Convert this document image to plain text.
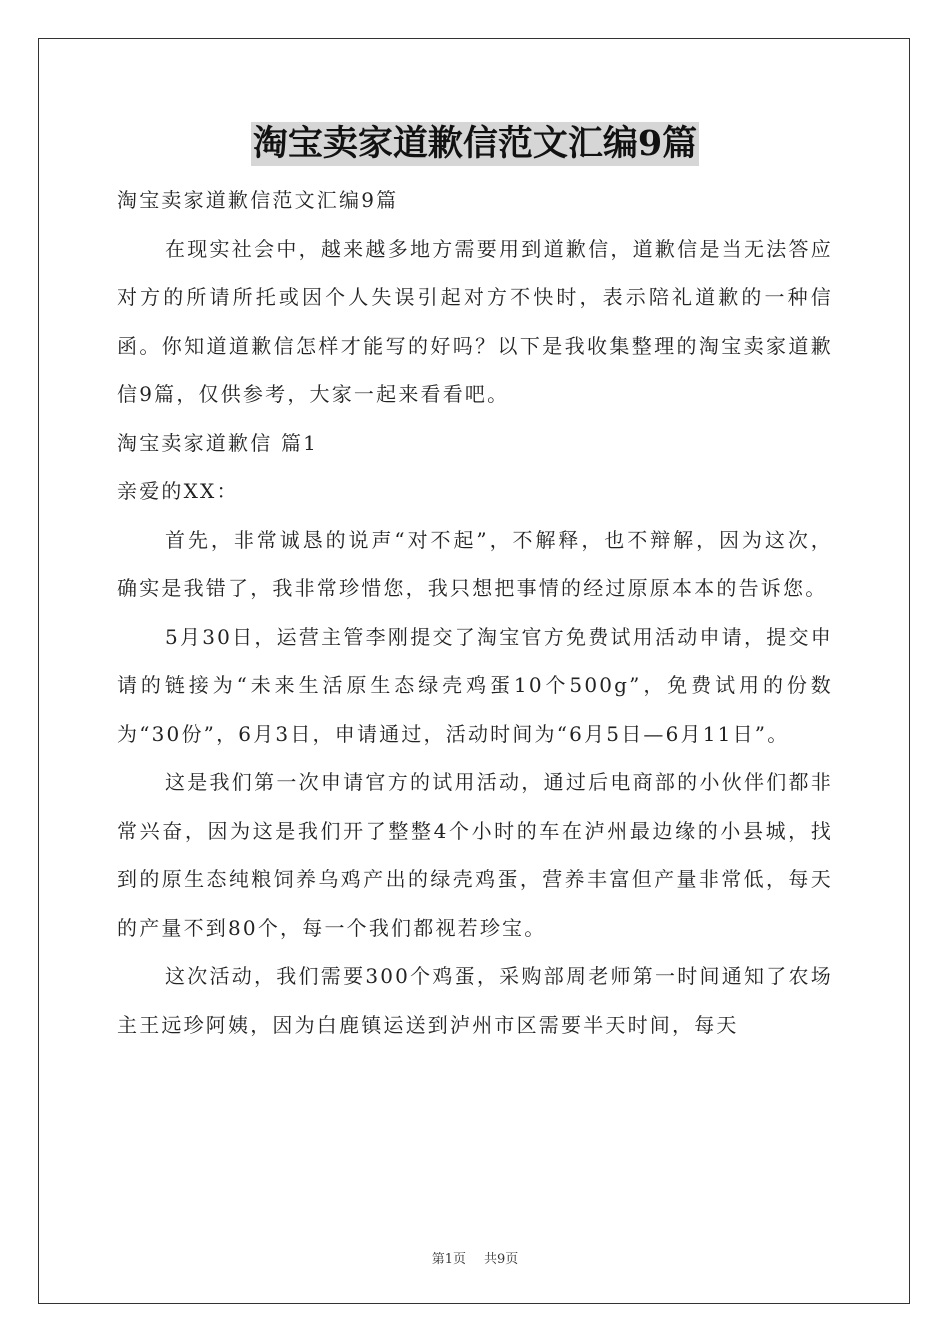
淘宝卖家道歉信范文汇编9篇

淘宝卖家道歉信范文汇编9篇

在现实社会中，越来越多地方需要用到道歉信，道歉信是当无法答应对方的所请所托或因个人失误引起对方不快时，表示陪礼道歉的一种信函。你知道道歉信怎样才能写的好吗？以下是我收集整理的淘宝卖家道歉信9篇，仅供参考，大家一起来看看吧。

淘宝卖家道歉信 篇1

亲爱的XX：

首先，非常诚恳的说声“对不起”，不解释，也不辩解，因为这次，确实是我错了，我非常珍惜您，我只想把事情的经过原原本本的告诉您。

5月30日，运营主管李刚提交了淘宝官方免费试用活动申请，提交申请的链接为“未来生活原生态绿壳鸡蛋10个500g”，免费试用的份数为“30份”，6月3日，申请通过，活动时间为“6月5日—6月11日”。

这是我们第一次申请官方的试用活动，通过后电商部的小伙伴们都非常兴奋，因为这是我们开了整整4个小时的车在泸州最边缘的小县城，找到的原生态纯粮饲养乌鸡产出的绿壳鸡蛋，营养丰富但产量非常低，每天的产量不到80个，每一个我们都视若珍宝。

这次活动，我们需要300个鸡蛋，采购部周老师第一时间通知了农场主王远珍阿姨，因为白鹿镇运送到泸州市区需要半天时间，每天

第1页 共9页
